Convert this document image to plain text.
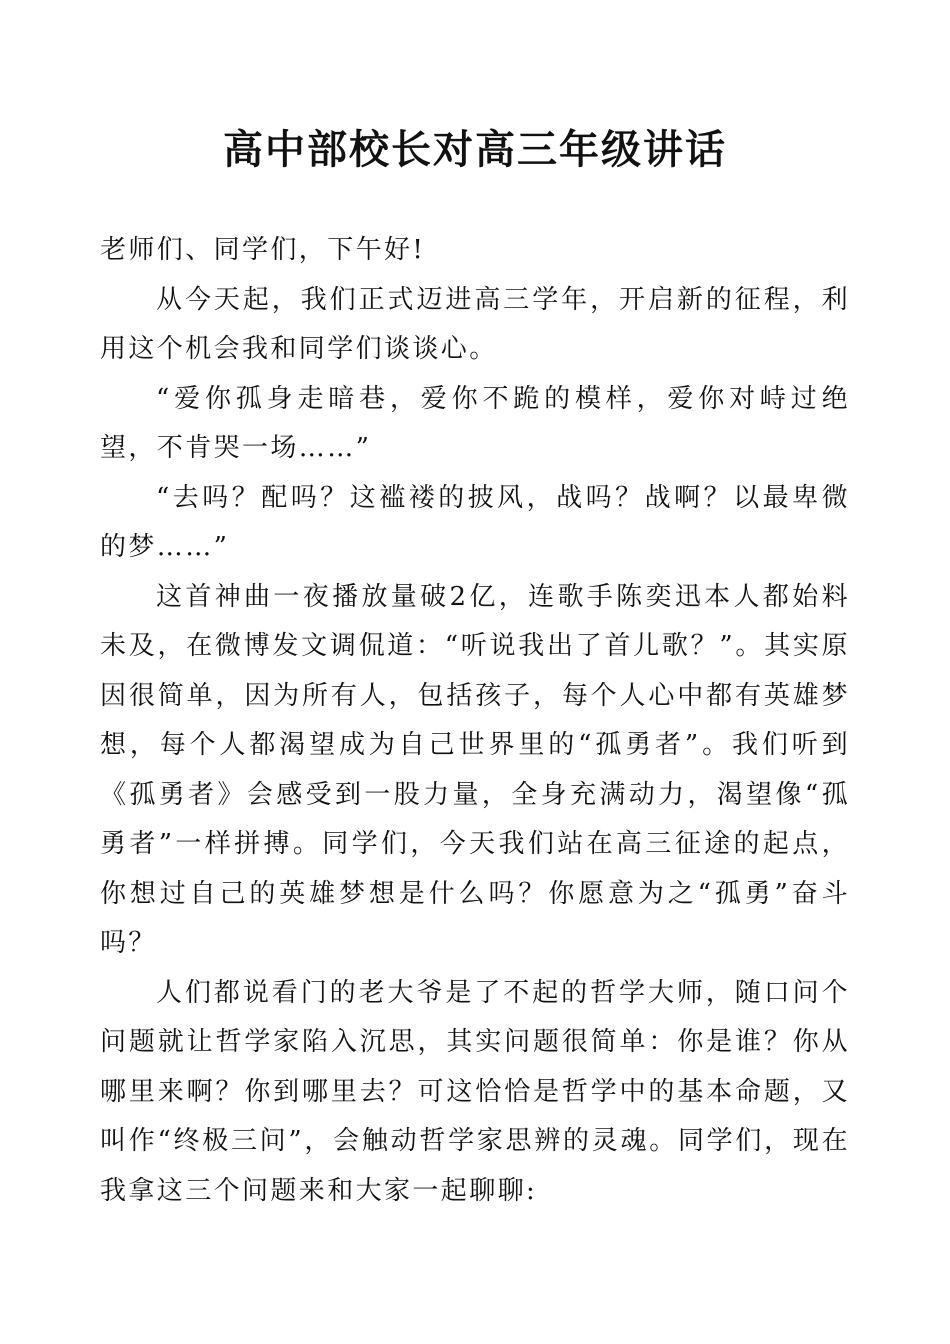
高中部校长对高三年级讲话

老师们、同学们，下午好!

从今天起，我们正式迈进高三学年，开启新的征程，利用这个机会我和同学们谈谈心。

“爱你孤身走暗巷，爱你不跪的模样，爱你对峙过绝望，不肯哭一场……”

“去吗？配吗？这褴褛的披风，战吗？战啊？以最卑微的梦……”

这首神曲一夜播放量破2亿，连歌手陈奕迅本人都始料未及，在微博发文调侃道：“听说我出了首儿歌？”。其实原因很简单，因为所有人，包括孩子，每个人心中都有英雄梦想，每个人都渴望成为自己世界里的“孤勇者”。我们听到《孤勇者》会感受到一股力量，全身充满动力，渴望像“孤勇者”一样拼搏。同学们，今天我们站在高三征途的起点，你想过自己的英雄梦想是什么吗？你愿意为之“孤勇”奋斗吗？

人们都说看门的老大爷是了不起的哲学大师，随口问个问题就让哲学家陷入沉思，其实问题很简单：你是谁？你从哪里来啊？你到哪里去？可这恰恰是哲学中的基本命题，又叫作“终极三问”，会触动哲学家思辨的灵魂。同学们，现在我拿这三个问题来和大家一起聊聊:
